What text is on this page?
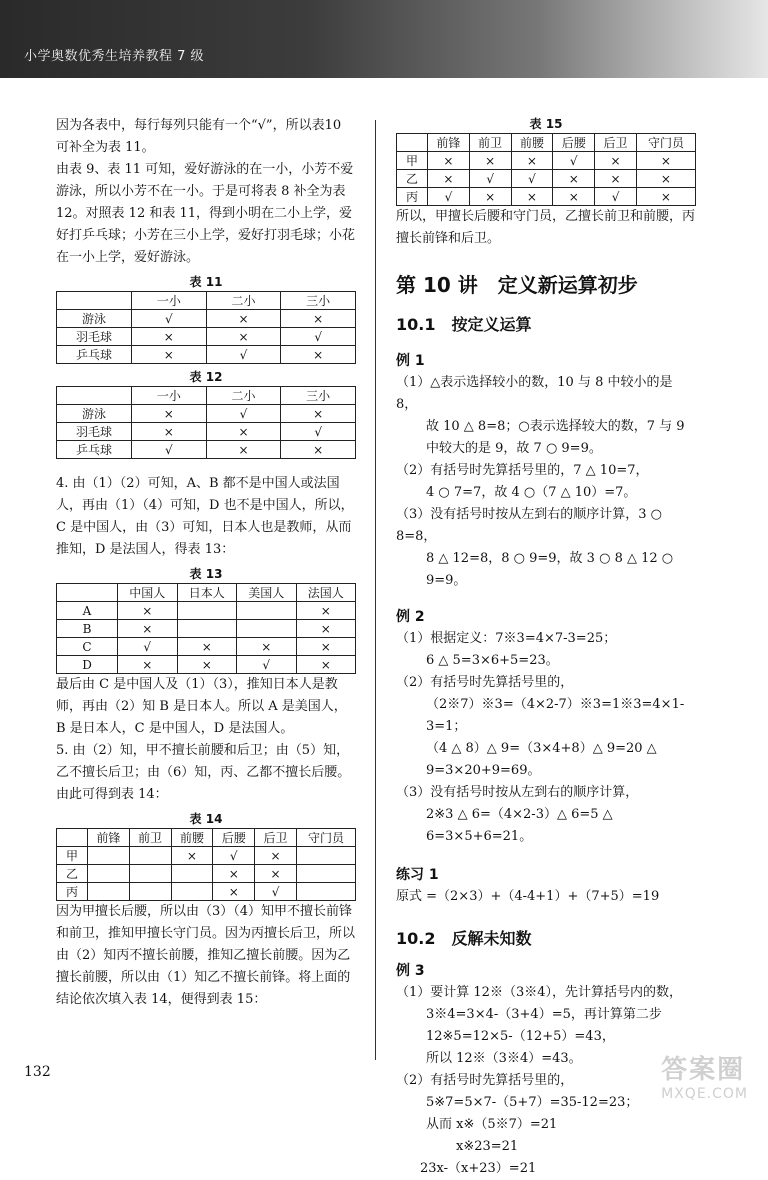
小学奥数优秀生培养教程 7 级

因为各表中，每行每列只能有一个“√”，所以表10 可补全为表 11。

由表 9、表 11 可知，爱好游泳的在一小，小芳不爱游泳，所以小芳不在一小。于是可将表 8 补全为表 12。对照表 12 和表 11，得到小明在二小上学，爱好打乒乓球；小芳在三小上学，爱好打羽毛球；小花在一小上学，爱好游泳。

表 11
	一小	二小	三小
游泳	√	×	×
羽毛球	×	×	√
乒乓球	×	√	×
表 12
	一小	二小	三小
游泳	×	√	×
羽毛球	×	×	√
乒乓球	√	×	×

4. 由（1）（2）可知，A、B 都不是中国人或法国人，再由（1）（4）可知，D 也不是中国人，所以，C 是中国人，由（3）可知，日本人也是教师，从而推知，D 是法国人，得表 13：

表 13
	中国人	日本人	美国人	法国人
A	×			×
B	×			×
C	√	×	×	×
D	×	×	√	×

最后由 C 是中国人及（1）（3），推知日本人是教师，再由（2）知 B 是日本人。所以 A 是美国人，B 是日本人，C 是中国人，D 是法国人。

5. 由（2）知，甲不擅长前腰和后卫；由（5）知，乙不擅长后卫；由（6）知，丙、乙都不擅长后腰。由此可得到表 14：

表 14
	前锋	前卫	前腰	后腰	后卫	守门员
甲			×	√	×	
乙				×	×	
丙				×	√	

因为甲擅长后腰，所以由（3）（4）知甲不擅长前锋和前卫，推知甲擅长守门员。因为丙擅长后卫，所以由（2）知丙不擅长前腰，推知乙擅长前腰。因为乙擅长前腰，所以由（1）知乙不擅长前锋。将上面的结论依次填入表 14，便得到表 15：

表 15
	前锋	前卫	前腰	后腰	后卫	守门员
甲	×	×	×	√	×	×
乙	×	√	√	×	×	×
丙	√	×	×	×	√	×

所以，甲擅长后腰和守门员，乙擅长前卫和前腰，丙擅长前锋和后卫。

第 10 讲　定义新运算初步
10.1　按定义运算
例 1

（1）△表示选择较小的数，10 与 8 中较小的是 8，

故 10 △ 8=8；○表示选择较大的数，7 与 9

中较大的是 9，故 7 ○ 9=9。

（2）有括号时先算括号里的，7 △ 10=7，

4 ○ 7=7，故 4 ○（7 △ 10）=7。

（3）没有括号时按从左到右的顺序计算，3 ○ 8=8，

8 △ 12=8，8 ○ 9=9，故 3 ○ 8 △ 12 ○ 9=9。

例 2

（1）根据定义：7※3=4×7-3=25；

6 △ 5=3×6+5=23。

（2）有括号时先算括号里的，

（2※7）※3=（4×2-7）※3=1※3=4×1-3=1；

（4 △ 8）△ 9=（3×4+8）△ 9=20 △ 9=3×20+9=69。

（3）没有括号时按从左到右的顺序计算，

2※3 △ 6=（4×2-3）△ 6=5 △ 6=3×5+6=21。

练习 1

原式 =（2×3）+（4-4+1）+（7+5）=19

10.2　反解未知数
例 3

（1）要计算 12※（3※4），先计算括号内的数，

3※4=3×4-（3+4）=5，再计算第二步

12※5=12×5-（12+5）=43，

所以 12※（3※4）=43。

（2）有括号时先算括号里的，

5※7=5×7-（5+7）=35-12=23；

从而 x※（5※7）=21

x※23=21

23x-（x+23）=21

132	答案圈
MXQE.COM
